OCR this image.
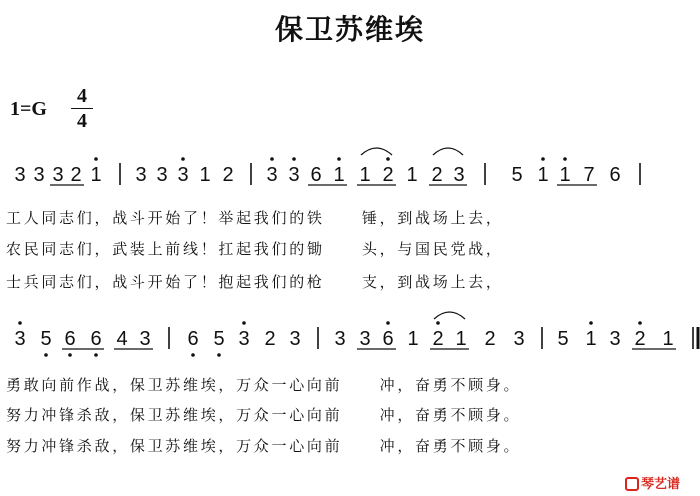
保卫苏维埃
1=G
4
4
3 3 3 2 1 3 3 3 1 2 3 3 6 1 1 2 1 2 3 5 1 1 7 6
3 5 6 6 4 3 6 5 3 2 3 3 3 6 1 2 1 2 3 5 1 3 2 1
工人同志们，战斗开始了！举起我们的铁     锤，到战场上去，
农民同志们，武装上前线！扛起我们的锄     头，与国民党战，
士兵同志们，战斗开始了！抱起我们的枪     支，到战场上去，
勇敢向前作战，保卫苏维埃，万众一心向前     冲，奋勇不顾身。
努力冲锋杀敌，保卫苏维埃，万众一心向前     冲，奋勇不顾身。
努力冲锋杀敌，保卫苏维埃，万众一心向前     冲，奋勇不顾身。
琴艺谱
